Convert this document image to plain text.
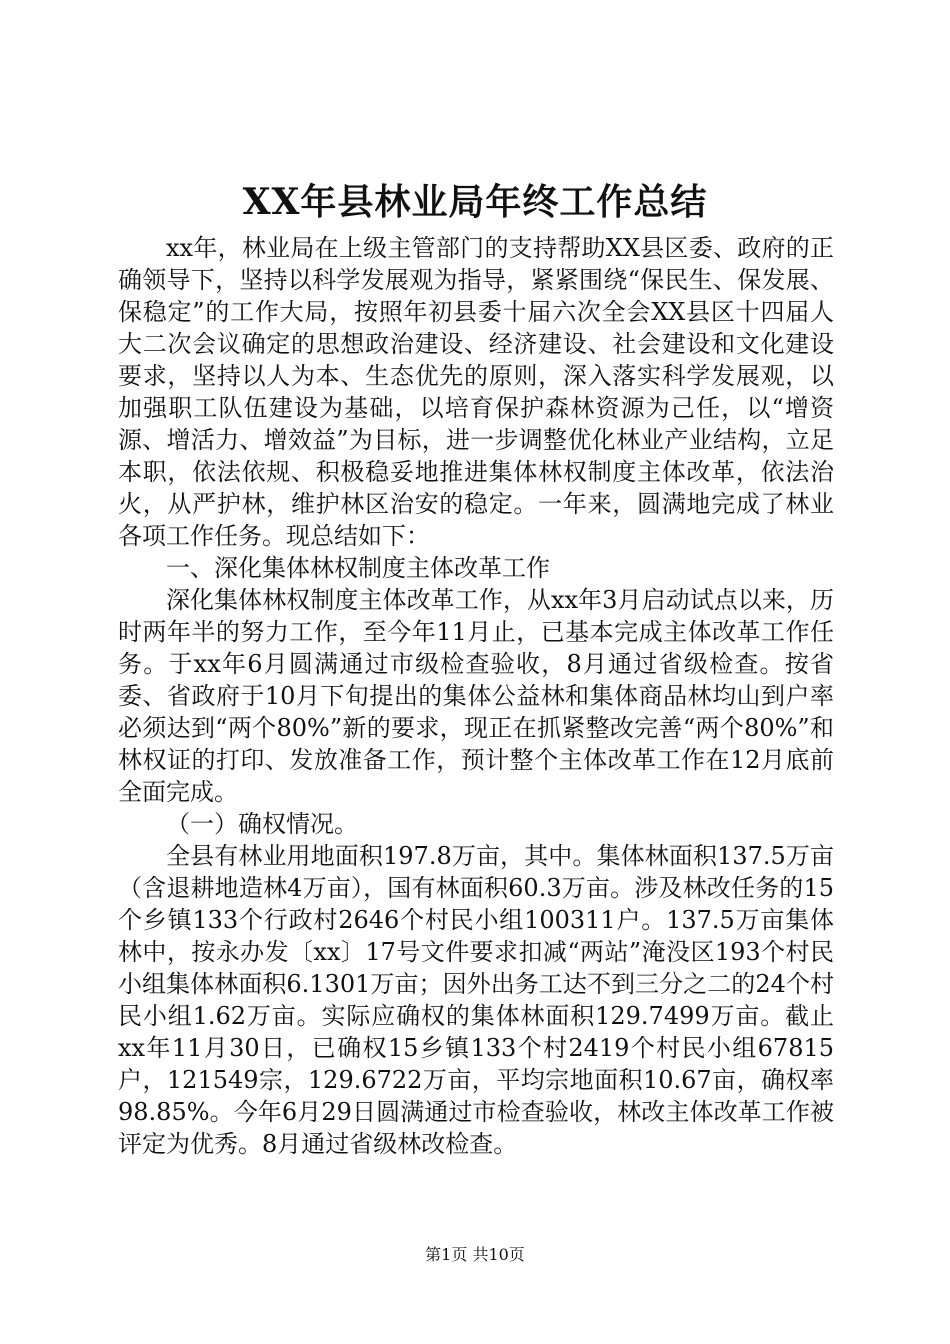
XX年县林业局年终工作总结

xx年，林业局在上级主管部门的支持帮助XX县区委、政府的正确领导下，坚持以科学发展观为指导，紧紧围绕“保民生、保发展、保稳定”的工作大局，按照年初县委十届六次全会XX县区十四届人大二次会议确定的思想政治建设、经济建设、社会建设和文化建设要求，坚持以人为本、生态优先的原则，深入落实科学发展观，以加强职工队伍建设为基础，以培育保护森林资源为己任，以“增资源、增活力、增效益”为目标，进一步调整优化林业产业结构，立足本职，依法依规、积极稳妥地推进集体林权制度主体改革，依法治火，从严护林，维护林区治安的稳定。一年来，圆满地完成了林业各项工作任务。现总结如下：

一、深化集体林权制度主体改革工作

深化集体林权制度主体改革工作，从xx年3月启动试点以来，历时两年半的努力工作，至今年11月止，已基本完成主体改革工作任务。于xx年6月圆满通过市级检查验收，8月通过省级检查。按省委、省政府于10月下旬提出的集体公益林和集体商品林均山到户率必须达到“两个80%”新的要求，现正在抓紧整改完善“两个80%”和林权证的打印、发放准备工作，预计整个主体改革工作在12月底前全面完成。

（一）确权情况。

全县有林业用地面积197.8万亩，其中。集体林面积137.5万亩（含退耕地造林4万亩），国有林面积60.3万亩。涉及林改任务的15个乡镇133个行政村2646个村民小组100311户。137.5万亩集体林中，按永办发〔xx〕17号文件要求扣减“两站”淹没区193个村民小组集体林面积6.1301万亩；因外出务工达不到三分之二的24个村民小组1.62万亩。实际应确权的集体林面积129.7499万亩。截止xx年11月30日，已确权15乡镇133个村2419个村民小组67815户，121549宗，129.6722万亩，平均宗地面积10.67亩，确权率98.85%。今年6月29日圆满通过市检查验收，林改主体改革工作被评定为优秀。8月通过省级林改检查。

第1页 共10页
